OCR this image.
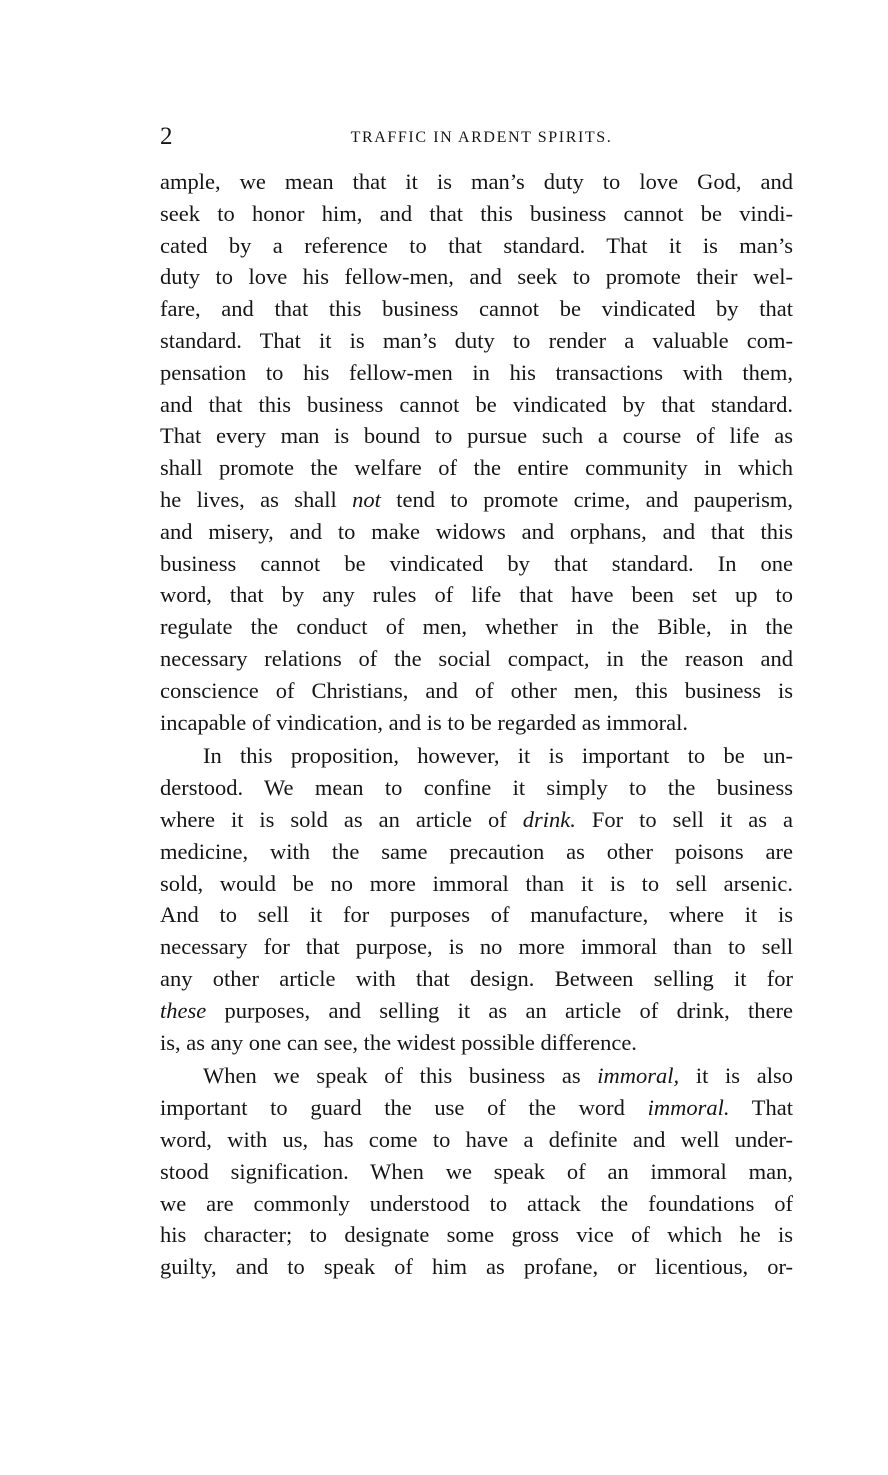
2	TRAFFIC IN ARDENT SPIRITS.
ample, we mean that it is man’s duty to love God, and
seek to honor him, and that this business cannot be vindi-
cated by a reference to that standard. That it is man’s
duty to love his fellow-men, and seek to promote their wel-
fare, and that this business cannot be vindicated by that
standard. That it is man’s duty to render a valuable com-
pensation to his fellow-men in his transactions with them,
and that this business cannot be vindicated by that standard.
That every man is bound to pursue such a course of life as
shall promote the welfare of the entire community in which
he lives, as shall not tend to promote crime, and pauperism,
and misery, and to make widows and orphans, and that this
business cannot be vindicated by that standard. In one
word, that by any rules of life that have been set up to
regulate the conduct of men, whether in the Bible, in the
necessary relations of the social compact, in the reason and
conscience of Christians, and of other men, this business is
incapable of vindication, and is to be regarded as immoral.
In this proposition, however, it is important to be un-
derstood. We mean to confine it simply to the business
where it is sold as an article of drink. For to sell it as a
medicine, with the same precaution as other poisons are
sold, would be no more immoral than it is to sell arsenic.
And to sell it for purposes of manufacture, where it is
necessary for that purpose, is no more immoral than to sell
any other article with that design. Between selling it for
these purposes, and selling it as an article of drink, there
is, as any one can see, the widest possible difference.
When we speak of this business as immoral, it is also
important to guard the use of the word immoral. That
word, with us, has come to have a definite and well under-
stood signification. When we speak of an immoral man,
we are commonly understood to attack the foundations of
his character; to designate some gross vice of which he is
guilty, and to speak of him as profane, or licentious, or-
